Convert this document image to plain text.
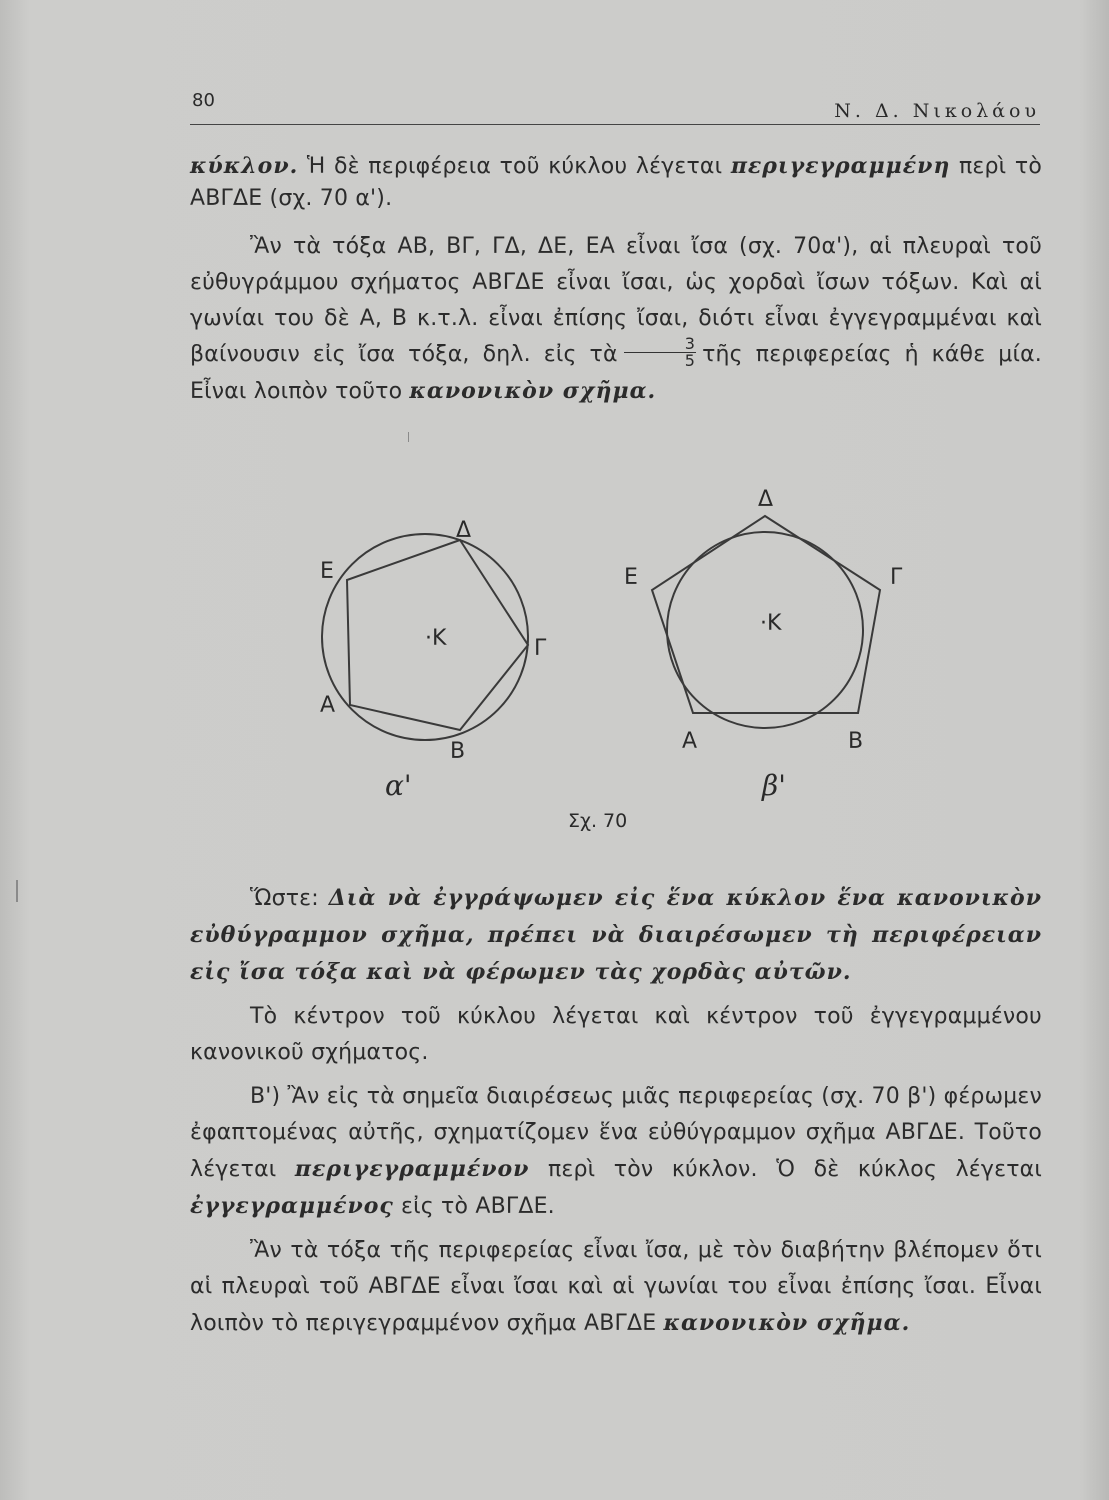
80	Ν. Δ. Νικολάου

κύκλον. Ἡ δὲ περιφέρεια τοῦ κύκλου λέγεται περιγεγραμμένη περὶ τὸ ΑΒΓΔΕ (σχ. 70 α').

Ἂν τὰ τόξα ΑΒ, ΒΓ, ΓΔ, ΔΕ, ΕΑ εἶναι ἴσα (σχ. 70α'), αἱ πλευραὶ τοῦ εὐθυγράμμου σχήματος ΑΒΓΔΕ εἶναι ἴσαι, ὡς χορδαὶ ἴσων τόξων. Καὶ αἱ γωνίαι του δὲ Α, Β κ.τ.λ. εἶναι ἐπίσης ἴσαι, διότι εἶναι ἐγγεγραμμέναι καὶ βαίνουσιν εἰς ἴσα τόξα, δηλ. εἰς τὰ $\frac{3}{5}$ τῆς περιφερείας ἡ κάθε μία. Εἶναι λοιπὸν τοῦτο κανονικὸν σχῆμα.

Δ
Ε
Γ
Α
Β
·Κ
Δ
Ε	Γ
Α	Β
·Κ
α'	β'
Σχ. 70

Ὥστε: Διὰ νὰ ἐγγράψωμεν εἰς ἕνα κύκλον ἕνα κανονικὸν εὐθύγραμμον σχῆμα, πρέπει νὰ διαιρέσωμεν τὴ περιφέρειαν εἰς ἴσα τόξα καὶ νὰ φέρωμεν τὰς χορδὰς αὐτῶν.

Τὸ κέντρον τοῦ κύκλου λέγεται καὶ κέντρον τοῦ ἐγγεγραμμένου κανονικοῦ σχήματος.

Β') Ἂν εἰς τὰ σημεῖα διαιρέσεως μιᾶς περιφερείας (σχ. 70 β') φέρωμεν ἐφαπτομένας αὐτῆς, σχηματίζομεν ἕνα εὐθύγραμμον σχῆμα ΑΒΓΔΕ. Τοῦτο λέγεται περιγεγραμμένον περὶ τὸν κύκλον. Ὁ δὲ κύκλος λέγεται ἐγγεγραμμένος εἰς τὸ ΑΒΓΔΕ.

Ἂν τὰ τόξα τῆς περιφερείας εἶναι ἴσα, μὲ τὸν διαβήτην βλέπομεν ὅτι αἱ πλευραὶ τοῦ ΑΒΓΔΕ εἶναι ἴσαι καὶ αἱ γωνίαι του εἶναι ἐπίσης ἴσαι. Εἶναι λοιπὸν τὸ περιγεγραμμένον σχῆμα ΑΒΓΔΕ κανονικὸν σχῆμα.
